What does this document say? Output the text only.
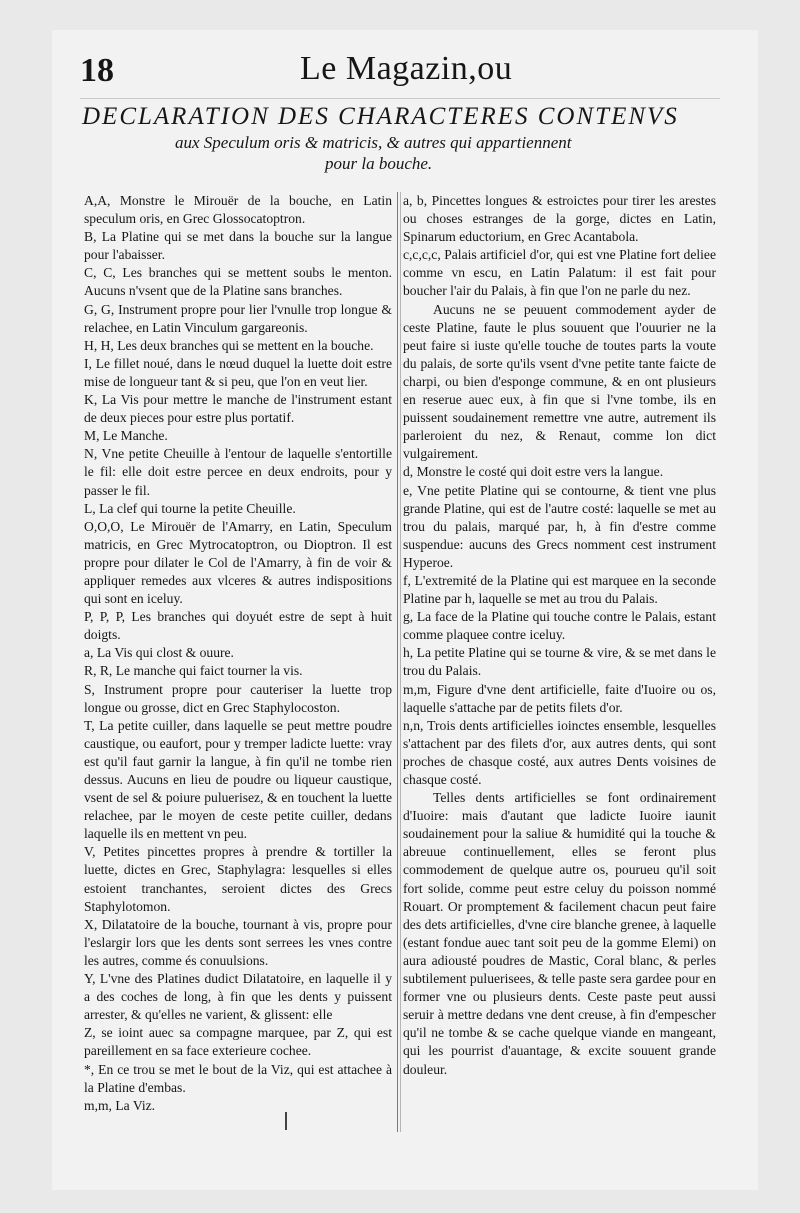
18	Le Magazin,ou
DECLARATION DES CHARACTERES CONTENVS
aux Speculum oris & matricis, & autres qui appartiennent
pour la bouche.

A,A, Monstre le Mirouër de la bouche, en Latin speculum oris, en Grec Glossocatoptron.

B, La Platine qui se met dans la bouche sur la langue pour l'abaisser.

C, C, Les branches qui se mettent soubs le menton. Aucuns n'vsent que de la Platine sans branches.

G, G, Instrument propre pour lier l'vnulle trop longue & relachee, en Latin Vinculum gargareonis.

H, H, Les deux branches qui se mettent en la bouche.

I, Le fillet noué, dans le nœud duquel la luette doit estre mise de longueur tant & si peu, que l'on en veut lier.

K, La Vis pour mettre le manche de l'instrument estant de deux pieces pour estre plus portatif.

M, Le Manche.

N, Vne petite Cheuille à l'entour de laquelle s'entortille le fil: elle doit estre percee en deux endroits, pour y passer le fil.

L, La clef qui tourne la petite Cheuille.

O,O,O, Le Mirouër de l'Amarry, en Latin, Speculum matricis, en Grec Mytrocatoptron, ou Dioptron. Il est propre pour dilater le Col de l'Amarry, à fin de voir & appliquer remedes aux vlceres & autres indispositions qui sont en iceluy.

P, P, P, Les branches qui doyuét estre de sept à huit doigts.

a, La Vis qui clost & ouure.

R, R, Le manche qui faict tourner la vis.

S, Instrument propre pour cauteriser la luette trop longue ou grosse, dict en Grec Staphylocoston.

T, La petite cuiller, dans laquelle se peut mettre poudre caustique, ou eaufort, pour y tremper ladicte luette: vray est qu'il faut garnir la langue, à fin qu'il ne tombe rien dessus. Aucuns en lieu de poudre ou liqueur caustique, vsent de sel & poiure puluerisez, & en touchent la luette relachee, par le moyen de ceste petite cuiller, dedans laquelle ils en mettent vn peu.

V, Petites pincettes propres à prendre & tortiller la luette, dictes en Grec, Staphylagra: lesquelles si elles estoient tranchantes, seroient dictes des Grecs Staphylotomon.

X, Dilatatoire de la bouche, tournant à vis, propre pour l'eslargir lors que les dents sont serrees les vnes contre les autres, comme és conuulsions.

Y, L'vne des Platines dudict Dilatatoire, en laquelle il y a des coches de long, à fin que les dents y puissent arrester, & qu'elles ne varient, & glissent: elle

Z, se ioint auec sa compagne marquee, par Z, qui est pareillement en sa face exterieure cochee.

*, En ce trou se met le bout de la Viz, qui est attachee à la Platine d'embas.

m,m, La Viz.

a, b, Pincettes longues & estroictes pour tirer les arestes ou choses estranges de la gorge, dictes en Latin, Spinarum eductorium, en Grec Acantabola.

c,c,c,c, Palais artificiel d'or, qui est vne Platine fort deliee comme vn escu, en Latin Palatum: il est fait pour boucher l'air du Palais, à fin que l'on ne parle du nez.

Aucuns ne se peuuent commodement ayder de ceste Platine, faute le plus souuent que l'ouurier ne la peut faire si iuste qu'elle touche de toutes parts la voute du palais, de sorte qu'ils vsent d'vne petite tante faicte de charpi, ou bien d'esponge commune, & en ont plusieurs en reserue auec eux, à fin que si l'vne tombe, ils en puissent soudainement remettre vne autre, autrement ils parleroient du nez, & Renaut, comme lon dict vulgairement.

d, Monstre le costé qui doit estre vers la langue.

e, Vne petite Platine qui se contourne, & tient vne plus grande Platine, qui est de l'autre costé: laquelle se met au trou du palais, marqué par, h, à fin d'estre comme suspendue: aucuns des Grecs nomment cest instrument Hyperoe.

f, L'extremité de la Platine qui est marquee en la seconde Platine par h, laquelle se met au trou du Palais.

g, La face de la Platine qui touche contre le Palais, estant comme plaquee contre iceluy.

h, La petite Platine qui se tourne & vire, & se met dans le trou du Palais.

m,m, Figure d'vne dent artificielle, faite d'Iuoire ou os, laquelle s'attache par de petits filets d'or.

n,n, Trois dents artificielles ioinctes ensemble, lesquelles s'attachent par des filets d'or, aux autres dents, qui sont proches de chasque costé, aux autres Dents voisines de chasque costé.

Telles dents artificielles se font ordinairement d'Iuoire: mais d'autant que ladicte Iuoire iaunit soudainement pour la saliue & humidité qui la touche & abreuue continuellement, elles se feront plus commodement de quelque autre os, pourueu qu'il soit fort solide, comme peut estre celuy du poisson nommé Rouart. Or promptement & facilement chacun peut faire des dets artificielles, d'vne cire blanche grenee, à laquelle (estant fondue auec tant soit peu de la gomme Elemi) on aura adiousté poudres de Mastic, Coral blanc, & perles subtilement puluerisees, & telle paste sera gardee pour en former vne ou plusieurs dents. Ceste paste peut aussi seruir à mettre dedans vne dent creuse, à fin d'empescher qu'il ne tombe & se cache quelque viande en mangeant, qui les pourrist d'auantage, & excite souuent grande douleur.
